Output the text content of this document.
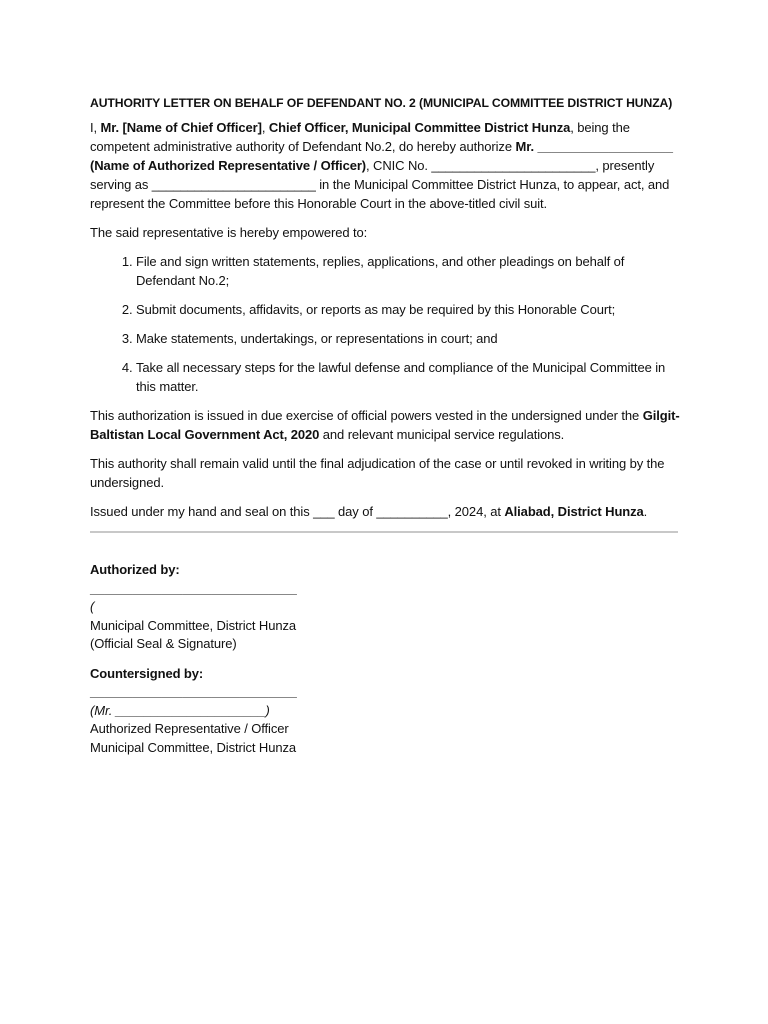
AUTHORITY LETTER ON BEHALF OF DEFENDANT NO. 2 (MUNICIPAL COMMITTEE DISTRICT HUNZA)

I, Mr. [Name of Chief Officer], Chief Officer, Municipal Committee District Hunza, being the competent administrative authority of Defendant No.2, do hereby authorize Mr. ___________________ (Name of Authorized Representative / Officer), CNIC No. _______________________, presently serving as _______________________ in the Municipal Committee District Hunza, to appear, act, and represent the Committee before this Honorable Court in the above-titled civil suit.

The said representative is hereby empowered to:

1. File and sign written statements, replies, applications, and other pleadings on behalf of Defendant No.2;
2. Submit documents, affidavits, or reports as may be required by this Honorable Court;
3. Make statements, undertakings, or representations in court; and
4. Take all necessary steps for the lawful defense and compliance of the Municipal Committee in this matter.

This authorization is issued in due exercise of official powers vested in the undersigned under the Gilgit-Baltistan Local Government Act, 2020 and relevant municipal service regulations.

This authority shall remain valid until the final adjudication of the case or until revoked in writing by the undersigned.

Issued under my hand and seal on this ___ day of __________, 2024, at Aliabad, District Hunza.

Authorized by:
_____________________________
(
Municipal Committee, District Hunza
(Official Seal & Signature)
Countersigned by:
_____________________________
(Mr. _____________________)
Authorized Representative / Officer
Municipal Committee, District Hunza
